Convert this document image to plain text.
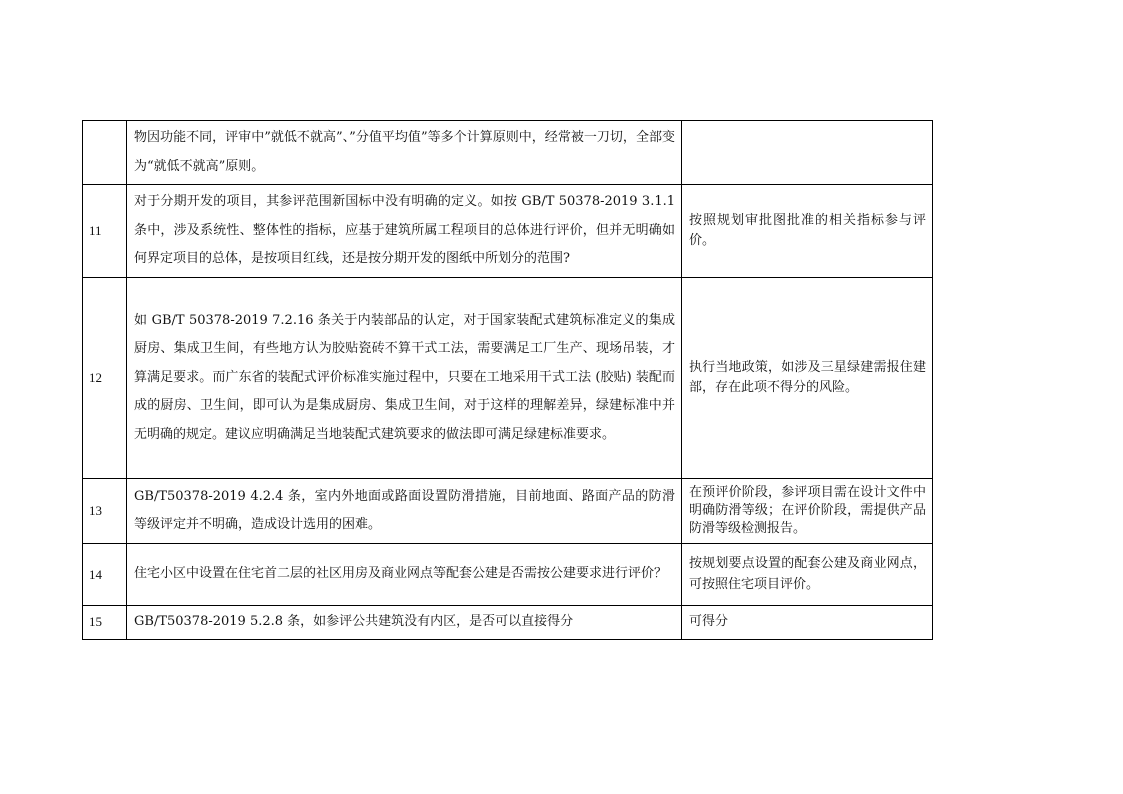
	物因功能不同，评审中”就低不就高”、”分值平均值”等多个计算原则中，经常被一刀切，全部变为“就低不就高”原则。	
11	对于分期开发的项目，其参评范围新国标中没有明确的定义。如按 GB/T 50378-2019 3.1.1条中，涉及系统性、整体性的指标，应基于建筑所属工程项目的总体进行评价，但并无明确如何界定项目的总体，是按项目红线，还是按分期开发的图纸中所划分的范围?	按照规划审批图批准的相关指标参与评价。
12	如 GB/T 50378-2019 7.2.16 条关于内装部品的认定，对于国家装配式建筑标准定义的集成厨房、集成卫生间，有些地方认为胶贴瓷砖不算干式工法，需要满足工厂生产、现场吊装，才算满足要求。而广东省的装配式评价标准实施过程中，只要在工地采用干式工法 (胶贴) 装配而成的厨房、卫生间，即可认为是集成厨房、集成卫生间，对于这样的理解差异，绿建标准中并无明确的规定。建议应明确满足当地装配式建筑要求的做法即可满足绿建标准要求。	执行当地政策，如涉及三星绿建需报住建部，存在此项不得分的风险。
13	GB/T50378-2019 4.2.4 条，室内外地面或路面设置防滑措施，目前地面、路面产品的防滑等级评定并不明确，造成设计选用的困难。	在预评价阶段，参评项目需在设计文件中明确防滑等级；在评价阶段，需提供产品防滑等级检测报告。
14	住宅小区中设置在住宅首二层的社区用房及商业网点等配套公建是否需按公建要求进行评价？	按规划要点设置的配套公建及商业网点，可按照住宅项目评价。
15	GB/T50378-2019 5.2.8 条，如参评公共建筑没有内区，是否可以直接得分	可得分
